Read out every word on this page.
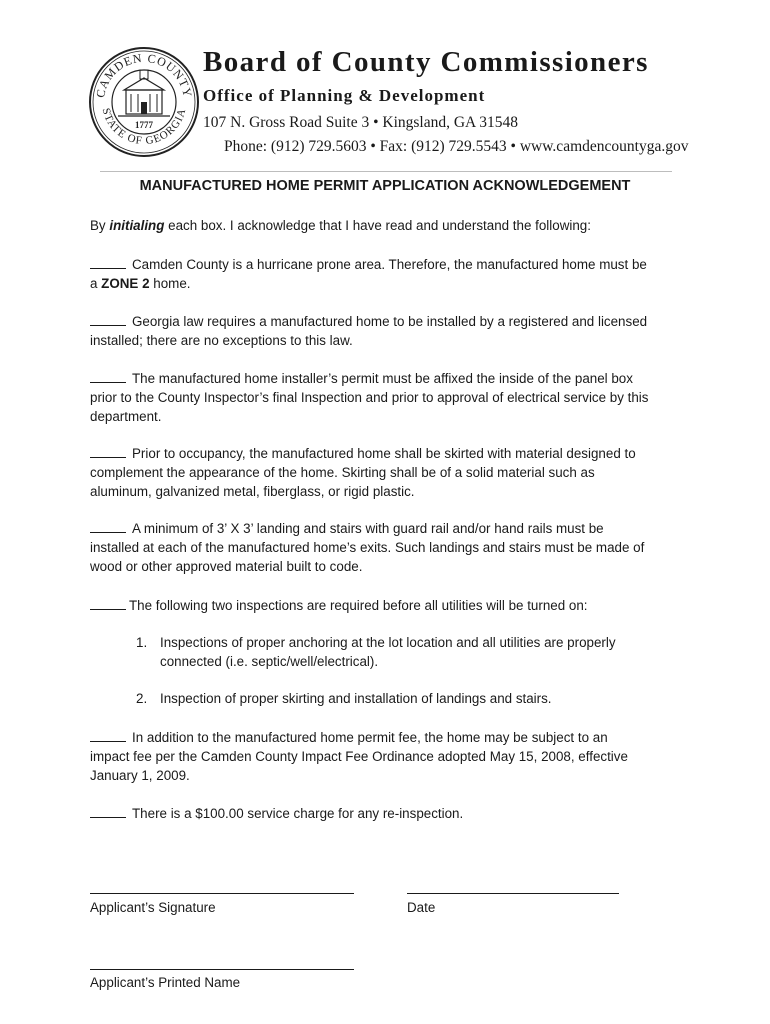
CAMDEN COUNTY
STATE OF GEORGIA
1777
Board of County Commissioners
Office of Planning & Development
107 N. Gross Road Suite 3 • Kingsland, GA 31548
Phone: (912) 729.5603 • Fax: (912) 729.5543 • www.camdencountyga.gov
MANUFACTURED HOME PERMIT APPLICATION ACKNOWLEDGEMENT
By initialing each box. I acknowledge that I have read and understand the following:
Camden County is a hurricane prone area. Therefore, the manufactured home must be
a ZONE 2 home.
Georgia law requires a manufactured home to be installed by a registered and licensed
installed; there are no exceptions to this law.
The manufactured home installer’s permit must be affixed the inside of the panel box
prior to the County Inspector’s final Inspection and prior to approval of electrical service by this
department.
Prior to occupancy, the manufactured home shall be skirted with material designed to
complement the appearance of the home. Skirting shall be of a solid material such as
aluminum, galvanized metal, fiberglass, or rigid plastic.
A minimum of 3’ X 3’ landing and stairs with guard rail and/or hand rails must be
installed at each of the manufactured home’s exits. Such landings and stairs must be made of
wood or other approved material built to code.
The following two inspections are required before all utilities will be turned on:
1. Inspections of proper anchoring at the lot location and all utilities are properly
connected (i.e. septic/well/electrical).
2. Inspection of proper skirting and installation of landings and stairs.
In addition to the manufactured home permit fee, the home may be subject to an
impact fee per the Camden County Impact Fee Ordinance adopted May 15, 2008, effective
January 1, 2009.
There is a $100.00 service charge for any re-inspection.
Applicant’s Signature	Date
Applicant’s Printed Name
